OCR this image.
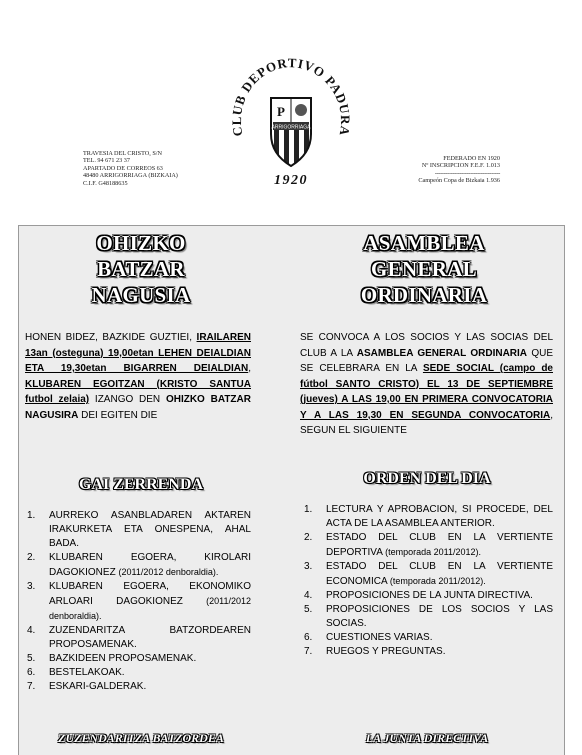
TRAVESIA DEL CRISTO, S/N
TEL. 94 671 23 37
APARTADO DE CORREOS 63
48480 ARRIGORRIAGA (BIZKAIA)
C.I.F. G48188635
CLUB DEPORTIVO PADURA
P
ARRIGORRIAGA
1920
FEDERADO EN 1920
Nº INSCRIPCION F.E.F. 1.013
-------------------------------------
Campeón Copa de Bizkaia 1.936
OHIZKO
BATZAR
NAGUSIA
HONEN BIDEZ, BAZKIDE GUZTIEI, IRAILAREN 13an (osteguna) 19,00etan LEHEN DEIALDIAN ETA 19,30etan BIGARREN DEIALDIAN, KLUBAREN EGOITZAN (KRISTO SANTUA futbol zelaia) IZANGO DEN OHIZKO BATZAR NAGUSIRA DEI EGITEN DIE
GAI ZERRENDA
1. AURREKO ASANBLADAREN AKTAREN IRAKURKETA ETA ONESPENA, AHAL BADA.
2. KLUBAREN EGOERA, KIROLARI DAGOKIONEZ (2011/2012 denboraldia).
3. KLUBAREN EGOERA, EKONOMIKO ARLOARI DAGOKIONEZ	(2011/2012 denboraldia).
4. ZUZENDARITZA BATZORDEAREN PROPOSAMENAK.
5. BAZKIDEEN PROPOSAMENAK.
6. BESTELAKOAK.
7. ESKARI-GALDERAK.
ZUZENDARITZA BATZORDEA
ASAMBLEA
GENERAL
ORDINARIA
SE CONVOCA A LOS SOCIOS Y LAS SOCIAS DEL CLUB A LA ASAMBLEA GENERAL ORDINARIA QUE SE CELEBRARA EN LA SEDE SOCIAL (campo de fútbol SANTO CRISTO) EL 13 DE SEPTIEMBRE (jueves) A LAS 19,00 EN PRIMERA CONVOCATORIA Y A LAS 19,30 EN SEGUNDA CONVOCATORIA, SEGUN EL SIGUIENTE
ORDEN DEL DIA
1. LECTURA Y APROBACION, SI PROCEDE, DEL ACTA DE LA ASAMBLEA ANTERIOR.
2. ESTADO DEL CLUB EN LA VERTIENTE DEPORTIVA (temporada 2011/2012).
3. ESTADO DEL CLUB EN LA VERTIENTE ECONOMICA (temporada 2011/2012).
4. PROPOSICIONES DE LA JUNTA DIRECTIVA.
5. PROPOSICIONES DE LOS SOCIOS Y LAS SOCIAS.
6. CUESTIONES VARIAS.
7. RUEGOS Y PREGUNTAS.
LA JUNTA DIRECTIVA
